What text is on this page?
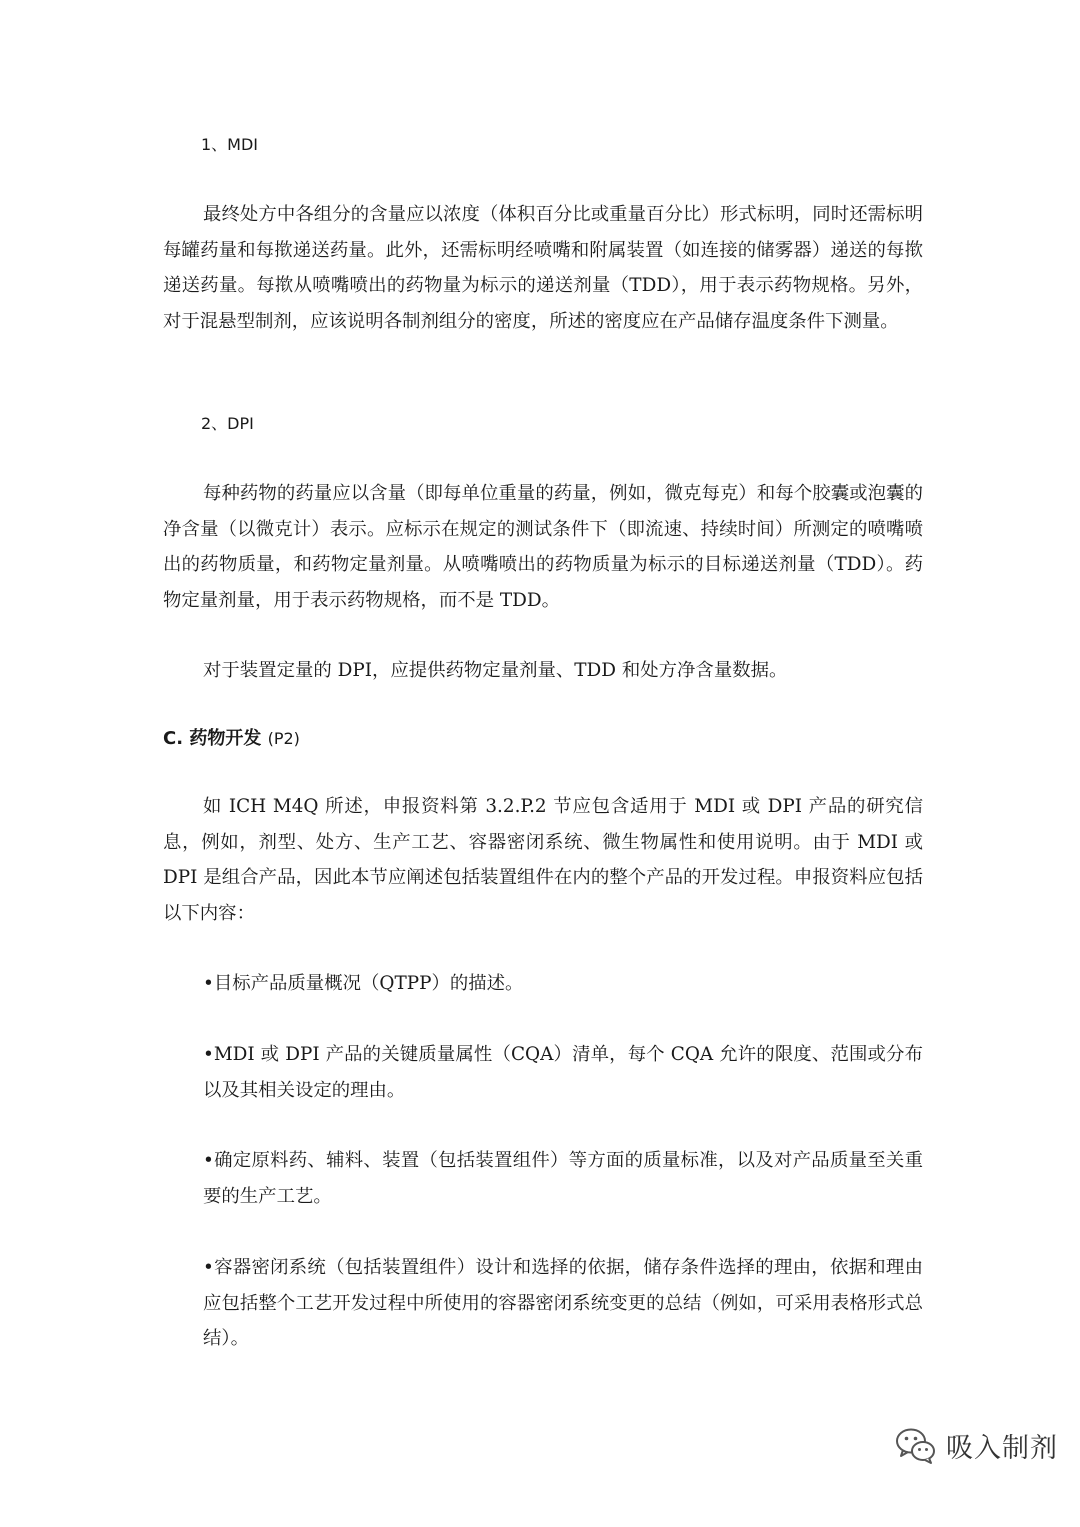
1、MDI

最终处方中各组分的含量应以浓度（体积百分比或重量百分比）形式标明，同时还需标明每罐药量和每揿递送药量。此外，还需标明经喷嘴和附属装置（如连接的储雾器）递送的每揿递送药量。每揿从喷嘴喷出的药物量为标示的递送剂量（TDD），用于表示药物规格。另外，对于混悬型制剂，应该说明各制剂组分的密度，所述的密度应在产品储存温度条件下测量。

2、DPI

每种药物的药量应以含量（即每单位重量的药量，例如，微克每克）和每个胶囊或泡囊的净含量（以微克计）表示。应标示在规定的测试条件下（即流速、持续时间）所测定的喷嘴喷出的药物质量，和药物定量剂量。从喷嘴喷出的药物质量为标示的目标递送剂量（TDD）。药物定量剂量，用于表示药物规格，而不是 TDD。

对于装置定量的 DPI，应提供药物定量剂量、TDD 和处方净含量数据。

C. 药物开发 (P2)

如 ICH M4Q 所述，申报资料第 3.2.P.2 节应包含适用于 MDI 或 DPI 产品的研究信息，例如，剂型、处方、生产工艺、容器密闭系统、微生物属性和使用说明。由于 MDI 或 DPI 是组合产品，因此本节应阐述包括装置组件在内的整个产品的开发过程。申报资料应包括以下内容：

•目标产品质量概况（QTPP）的描述。

•MDI 或 DPI 产品的关键质量属性（CQA）清单，每个 CQA 允许的限度、范围或分布以及其相关设定的理由。

•确定原料药、辅料、装置（包括装置组件）等方面的质量标准，以及对产品质量至关重要的生产工艺。

•容器密闭系统（包括装置组件）设计和选择的依据，储存条件选择的理由，依据和理由应包括整个工艺开发过程中所使用的容器密闭系统变更的总结（例如，可采用表格形式总结）。

吸入制剂
